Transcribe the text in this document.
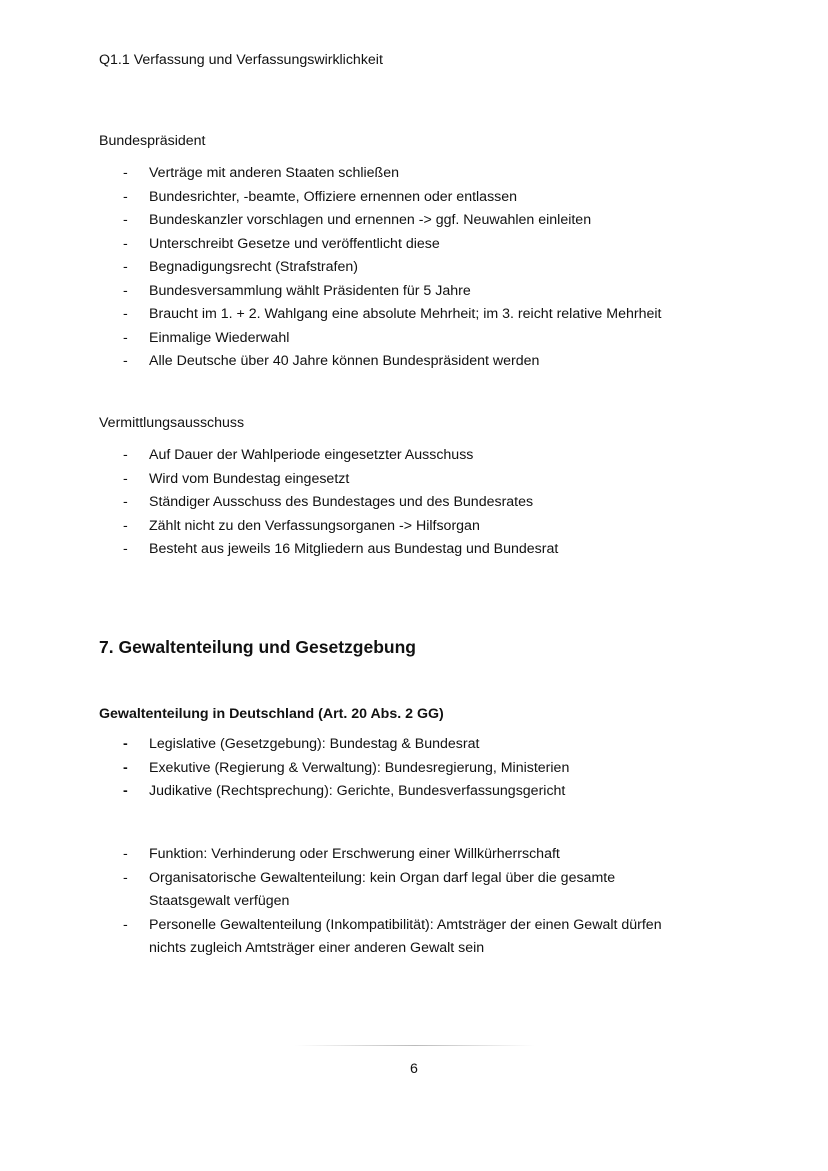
Q1.1 Verfassung und Verfassungswirklichkeit
Bundespräsident
- Verträge mit anderen Staaten schließen
- Bundesrichter, -beamte, Offiziere ernennen oder entlassen
- Bundeskanzler vorschlagen und ernennen -> ggf. Neuwahlen einleiten
- Unterschreibt Gesetze und veröffentlicht diese
- Begnadigungsrecht (Strafstrafen)
- Bundesversammlung wählt Präsidenten für 5 Jahre
- Braucht im 1. + 2. Wahlgang eine absolute Mehrheit; im 3. reicht relative Mehrheit
- Einmalige Wiederwahl
- Alle Deutsche über 40 Jahre können Bundespräsident werden
Vermittlungsausschuss
- Auf Dauer der Wahlperiode eingesetzter Ausschuss
- Wird vom Bundestag eingesetzt
- Ständiger Ausschuss des Bundestages und des Bundesrates
- Zählt nicht zu den Verfassungsorganen -> Hilfsorgan
- Besteht aus jeweils 16 Mitgliedern aus Bundestag und Bundesrat
7. Gewaltenteilung und Gesetzgebung
Gewaltenteilung in Deutschland (Art. 20 Abs. 2 GG)
- Legislative (Gesetzgebung): Bundestag & Bundesrat
- Exekutive (Regierung & Verwaltung): Bundesregierung, Ministerien
- Judikative (Rechtsprechung): Gerichte, Bundesverfassungsgericht
- Funktion: Verhinderung oder Erschwerung einer Willkürherrschaft
- Organisatorische Gewaltenteilung: kein Organ darf legal über die gesamte
Staatsgewalt verfügen
- Personelle Gewaltenteilung (Inkompatibilität): Amtsträger der einen Gewalt dürfen
nichts zugleich Amtsträger einer anderen Gewalt sein
6
